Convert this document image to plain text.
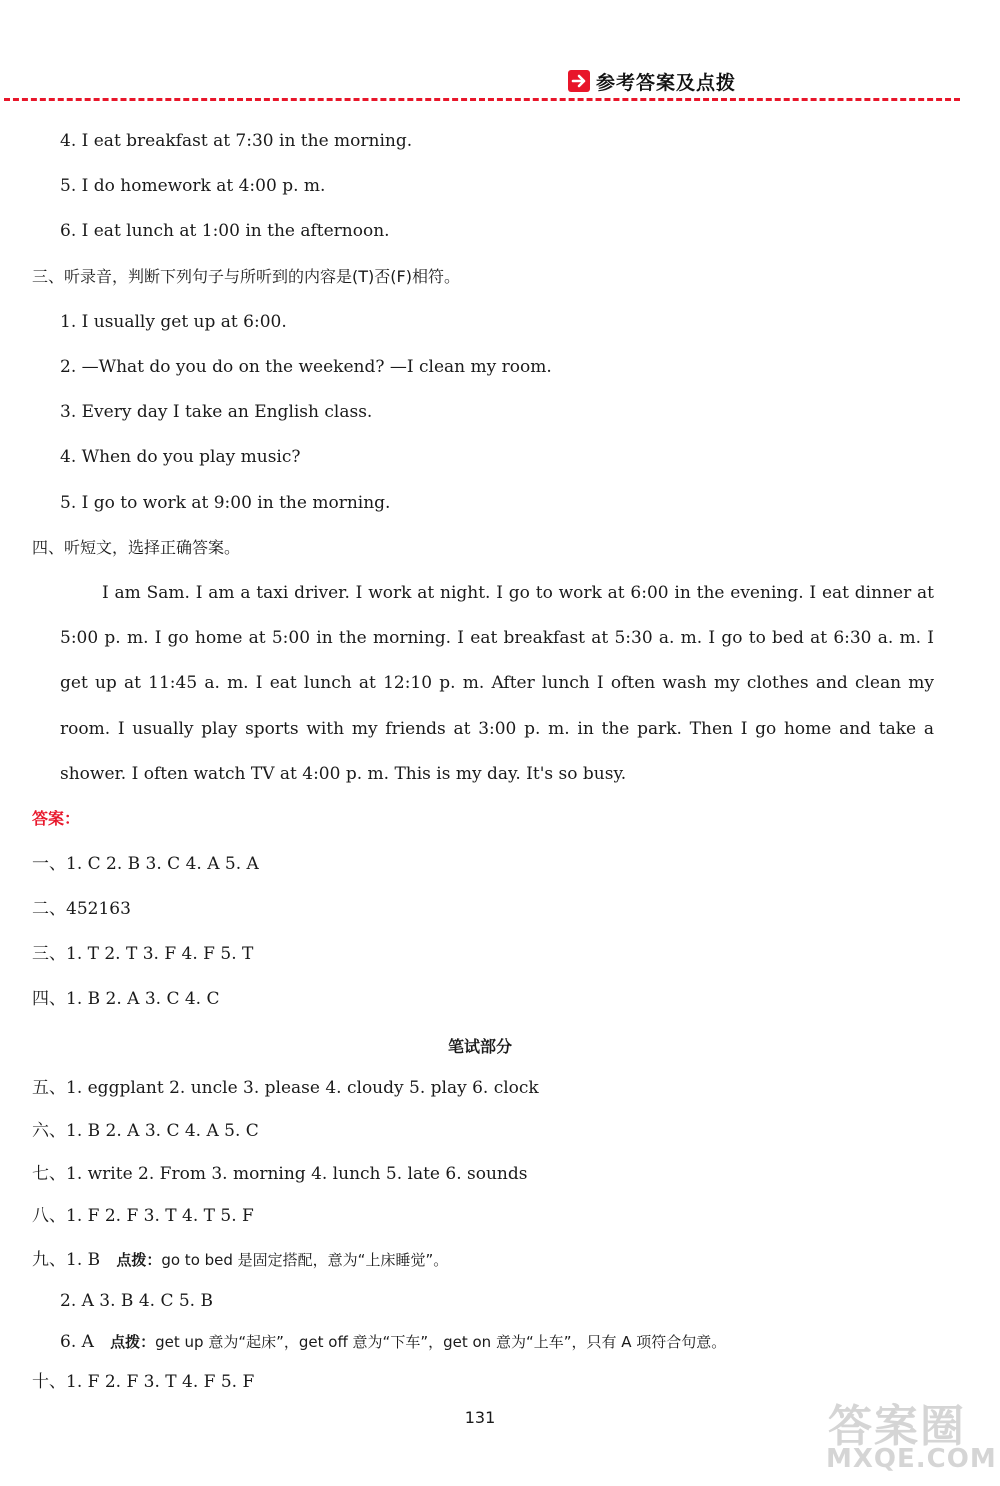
参考答案及点拨
4. I eat breakfast at 7:30 in the morning.
5. I do homework at 4:00 p. m.
6. I eat lunch at 1:00 in the afternoon.
三、听录音，判断下列句子与所听到的内容是(T)否(F)相符。
1. I usually get up at 6:00.
2. —What do you do on the weekend? —I clean my room.
3. Every day I take an English class.
4. When do you play music?
5. I go to work at 9:00 in the morning.
四、听短文，选择正确答案。
I am Sam. I am a taxi driver. I work at night. I go to work at 6:00 in the evening. I eat dinner at 5:00 p. m. I go home at 5:00 in the morning. I eat breakfast at 5:30 a. m. I go to bed at 6:30 a. m. I get up at 11:45 a. m. I eat lunch at 12:10 p. m. After lunch I often wash my clothes and clean my room. I usually play sports with my friends at 3:00 p. m. in the park. Then I go home and take a shower. I often watch TV at 4:00 p. m. This is my day. It's so busy.
答案：
一、1. C 2. B 3. C 4. A 5. A
二、452163
三、1. T 2. T 3. F 4. F 5. T
四、1. B 2. A 3. C 4. C
笔试部分
五、1. eggplant 2. uncle 3. please 4. cloudy 5. play 6. clock
六、1. B 2. A 3. C 4. A 5. C
七、1. write 2. From 3. morning 4. lunch 5. late 6. sounds
八、1. F 2. F 3. T 4. T 5. F
九、1. B   点拨：go to bed 是固定搭配，意为“上床睡觉”。
2. A 3. B 4. C 5. B
6. A   点拨：get up 意为“起床”，get off 意为“下车”，get on 意为“上车”，只有 A 项符合句意。
十、1. F 2. F 3. T 4. F 5. F
131	答案圈
MXQE.COM
